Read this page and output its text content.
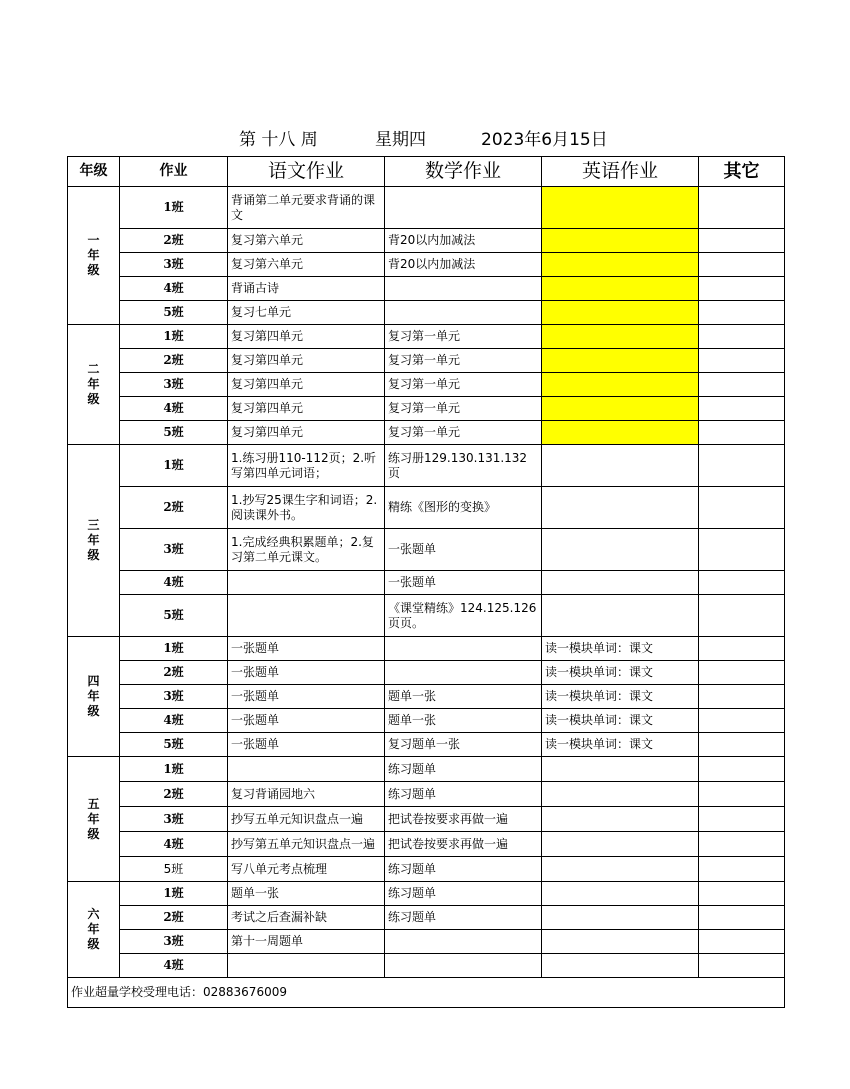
第 十八 周	星期四	2023年6月15日
年级	作业	语文作业	数学作业	英语作业	其它

一
年
级	1班	背诵第二单元要求背诵的课文			
	2班	复习第六单元	背20以内加减法		
	3班	复习第六单元	背20以内加减法		
	4班	背诵古诗			
	5班	复习七单元			

二
年
级	1班	复习第四单元	复习第一单元		
	2班	复习第四单元	复习第一单元		
	3班	复习第四单元	复习第一单元		
	4班	复习第四单元	复习第一单元		
	5班	复习第四单元	复习第一单元		

三
年
级	1班	1.练习册110-112页；2.听写第四单元词语；	练习册129.130.131.132页		
	2班	1.抄写25课生字和词语；2.阅读课外书。	精练《图形的变换》		
	3班	1.完成经典积累题单；2.复习第二单元课文。	一张题单		
	4班		一张题单		
	5班		《课堂精练》124.125.126页页。		

四
年
级	1班	一张题单		读一模块单词：课文	
	2班	一张题单		读一模块单词：课文	
	3班	一张题单	题单一张	读一模块单词：课文	
	4班	一张题单	题单一张	读一模块单词：课文	
	5班	一张题单	复习题单一张	读一模块单词：课文	

五
年
级	1班		练习题单		
	2班	复习背诵园地六	练习题单		
	3班	抄写五单元知识盘点一遍	把试卷按要求再做一遍		
	4班	抄写第五单元知识盘点一遍	把试卷按要求再做一遍		
	5班	写八单元考点梳理	练习题单		

六
年
级	1班	题单一张	练习题单		
	2班	考试之后查漏补缺	练习题单		
	3班	第十一周题单			
	4班				
作业超量学校受理电话：02883676009					
